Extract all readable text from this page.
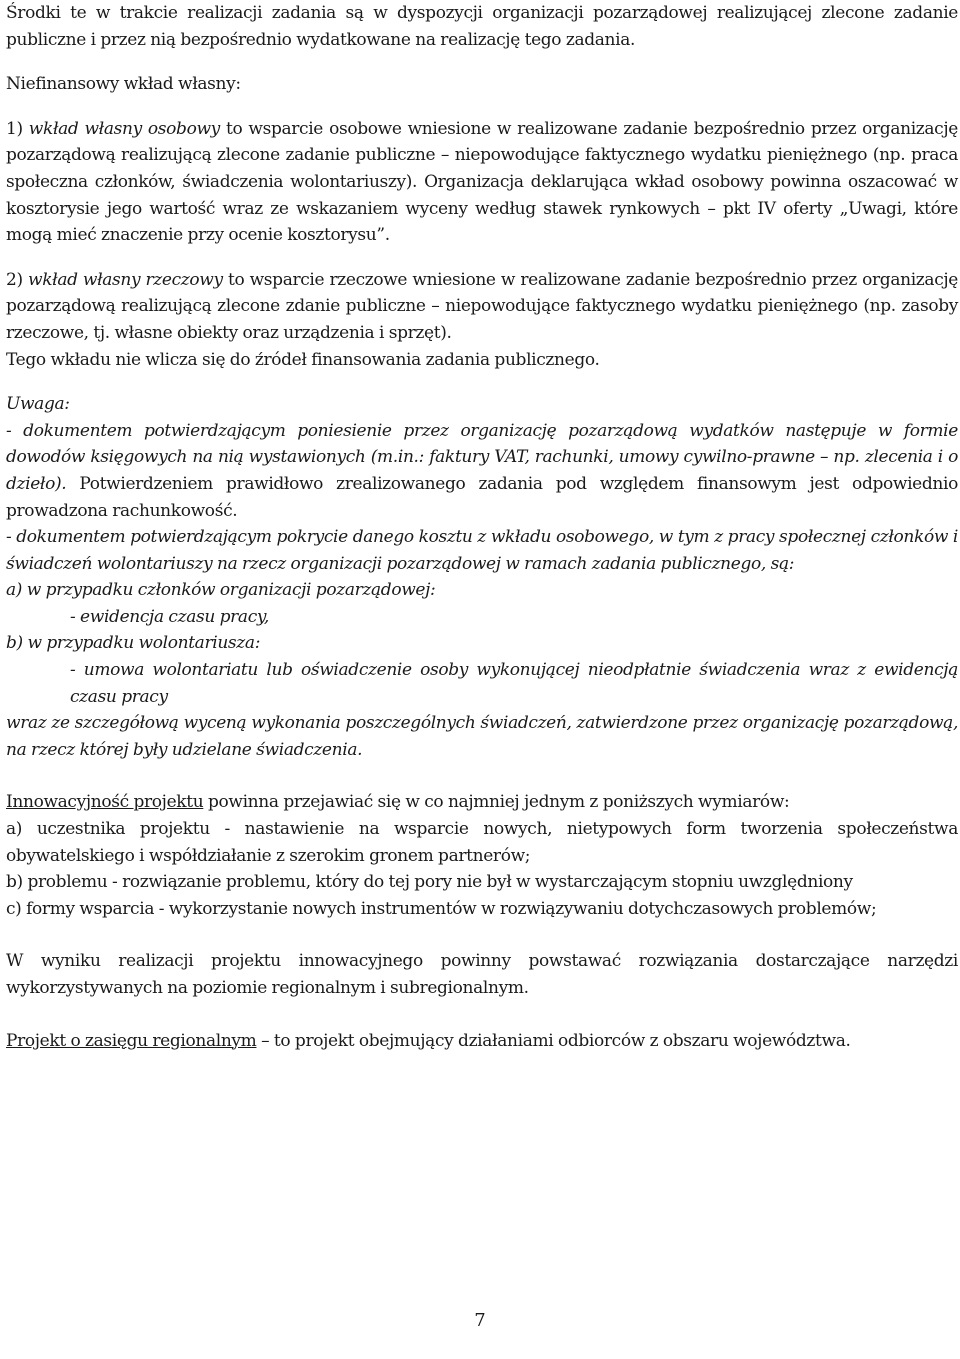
Środki te w trakcie realizacji zadania są w dyspozycji organizacji pozarządowej realizującej zlecone zadanie publiczne i przez nią bezpośrednio wydatkowane na realizację tego zadania.

Niefinansowy wkład własny:

1) wkład własny osobowy to wsparcie osobowe wniesione w realizowane zadanie bezpośrednio przez organizację pozarządową realizującą zlecone zadanie publiczne – niepowodujące faktycznego wydatku pieniężnego (np. praca społeczna członków, świadczenia wolontariuszy). Organizacja deklarująca wkład osobowy powinna oszacować w kosztorysie jego wartość wraz ze wskazaniem wyceny według stawek rynkowych – pkt IV oferty „Uwagi, które mogą mieć znaczenie przy ocenie kosztorysu”.

2) wkład własny rzeczowy to wsparcie rzeczowe wniesione w realizowane zadanie bezpośrednio przez organizację pozarządową realizującą zlecone zdanie publiczne – niepowodujące faktycznego wydatku pieniężnego (np. zasoby rzeczowe, tj. własne obiekty oraz urządzenia i sprzęt).

Tego wkładu nie wlicza się do źródeł finansowania zadania publicznego.

Uwaga:

- dokumentem potwierdzającym poniesienie przez organizację pozarządową wydatków następuje w formie dowodów księgowych na nią wystawionych (m.in.: faktury VAT, rachunki, umowy cywilno-prawne – np. zlecenia i o dzieło). Potwierdzeniem prawidłowo zrealizowanego zadania pod względem finansowym jest odpowiednio prowadzona rachunkowość.

- dokumentem potwierdzającym pokrycie danego kosztu z wkładu osobowego, w tym z pracy społecznej członków i świadczeń wolontariuszy na rzecz organizacji pozarządowej w ramach zadania publicznego, są:

a) w przypadku członków organizacji pozarządowej:

- ewidencja czasu pracy,

b) w przypadku wolontariusza:

- umowa wolontariatu lub oświadczenie osoby wykonującej nieodpłatnie świadczenia wraz z ewidencją czasu pracy

wraz ze szczegółową wyceną wykonania poszczególnych świadczeń, zatwierdzone przez organizację pozarządową, na rzecz której były udzielane świadczenia.

Innowacyjność projektu powinna przejawiać się w co najmniej jednym z poniższych wymiarów:

a) uczestnika projektu - nastawienie na wsparcie nowych, nietypowych form tworzenia społeczeństwa obywatelskiego i współdziałanie z szerokim gronem partnerów;

b) problemu - rozwiązanie problemu, który do tej pory nie był w wystarczającym stopniu uwzględniony

c) formy wsparcia - wykorzystanie nowych instrumentów w rozwiązywaniu dotychczasowych problemów;

W wyniku realizacji projektu innowacyjnego powinny powstawać rozwiązania dostarczające narzędzi wykorzystywanych na poziomie regionalnym i subregionalnym.

Projekt o zasięgu regionalnym – to projekt obejmujący działaniami odbiorców z obszaru województwa.

7
